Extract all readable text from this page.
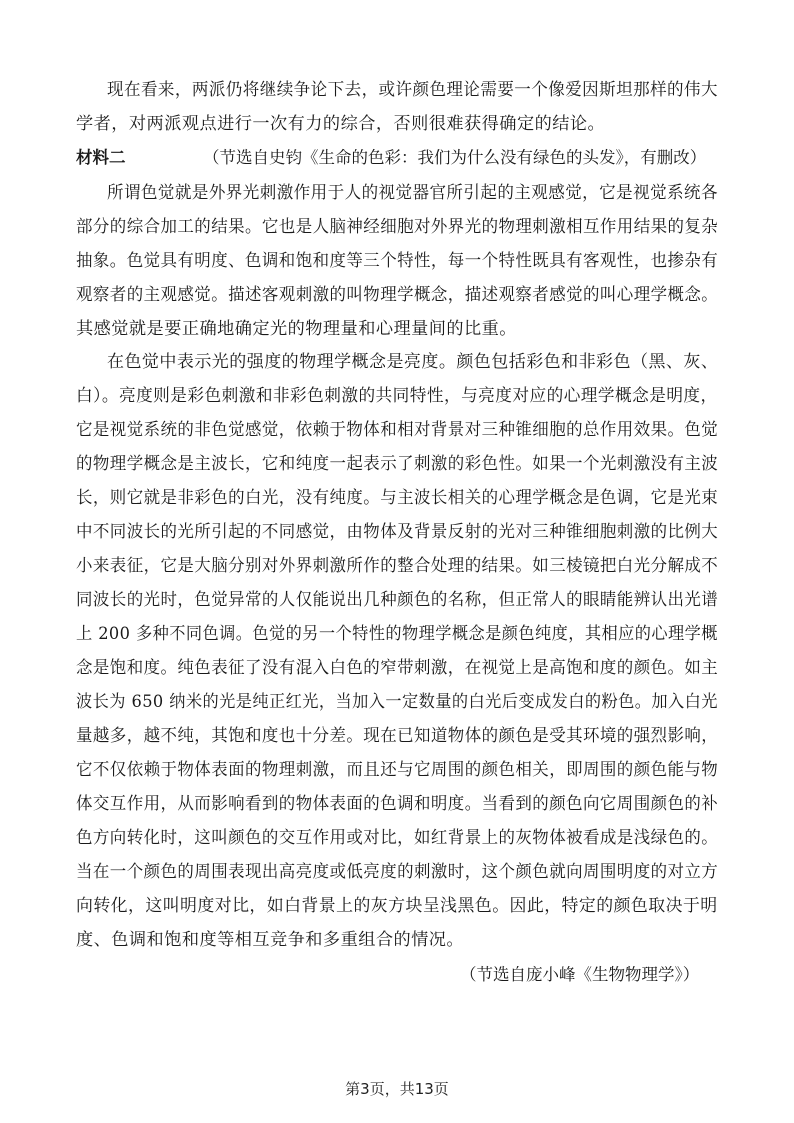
现在看来，两派仍将继续争论下去，或许颜色理论需要一个像爱因斯坦那样的伟大
学者，对两派观点进行一次有力的综合，否则很难获得确定的结论。
（节选自史钧《生命的色彩：我们为什么没有绿色的头发》，有删改）
材料二
所谓色觉就是外界光刺激作用于人的视觉器官所引起的主观感觉，它是视觉系统各
部分的综合加工的结果。它也是人脑神经细胞对外界光的物理刺激相互作用结果的复杂
抽象。色觉具有明度、色调和饱和度等三个特性，每一个特性既具有客观性，也掺杂有
观察者的主观感觉。描述客观刺激的叫物理学概念，描述观察者感觉的叫心理学概念。
其感觉就是要正确地确定光的物理量和心理量间的比重。
在色觉中表示光的强度的物理学概念是亮度。颜色包括彩色和非彩色（黑、灰、
白）。亮度则是彩色刺激和非彩色刺激的共同特性，与亮度对应的心理学概念是明度，
它是视觉系统的非色觉感觉，依赖于物体和相对背景对三种锥细胞的总作用效果。色觉
的物理学概念是主波长，它和纯度一起表示了刺激的彩色性。如果一个光刺激没有主波
长，则它就是非彩色的白光，没有纯度。与主波长相关的心理学概念是色调，它是光束
中不同波长的光所引起的不同感觉，由物体及背景反射的光对三种锥细胞刺激的比例大
小来表征，它是大脑分别对外界刺激所作的整合处理的结果。如三棱镜把白光分解成不
同波长的光时，色觉异常的人仅能说出几种颜色的名称，但正常人的眼睛能辨认出光谱
上 200 多种不同色调。色觉的另一个特性的物理学概念是颜色纯度，其相应的心理学概
念是饱和度。纯色表征了没有混入白色的窄带刺激，在视觉上是高饱和度的颜色。如主
波长为 650 纳米的光是纯正红光，当加入一定数量的白光后变成发白的粉色。加入白光
量越多，越不纯，其饱和度也十分差。现在已知道物体的颜色是受其环境的强烈影响，
它不仅依赖于物体表面的物理刺激，而且还与它周围的颜色相关，即周围的颜色能与物
体交互作用，从而影响看到的物体表面的色调和明度。当看到的颜色向它周围颜色的补
色方向转化时，这叫颜色的交互作用或对比，如红背景上的灰物体被看成是浅绿色的。
当在一个颜色的周围表现出高亮度或低亮度的刺激时，这个颜色就向周围明度的对立方
向转化，这叫明度对比，如白背景上的灰方块呈浅黑色。因此，特定的颜色取决于明
度、色调和饱和度等相互竞争和多重组合的情况。
（节选自庞小峰《生物物理学》）
第3页，共13页
